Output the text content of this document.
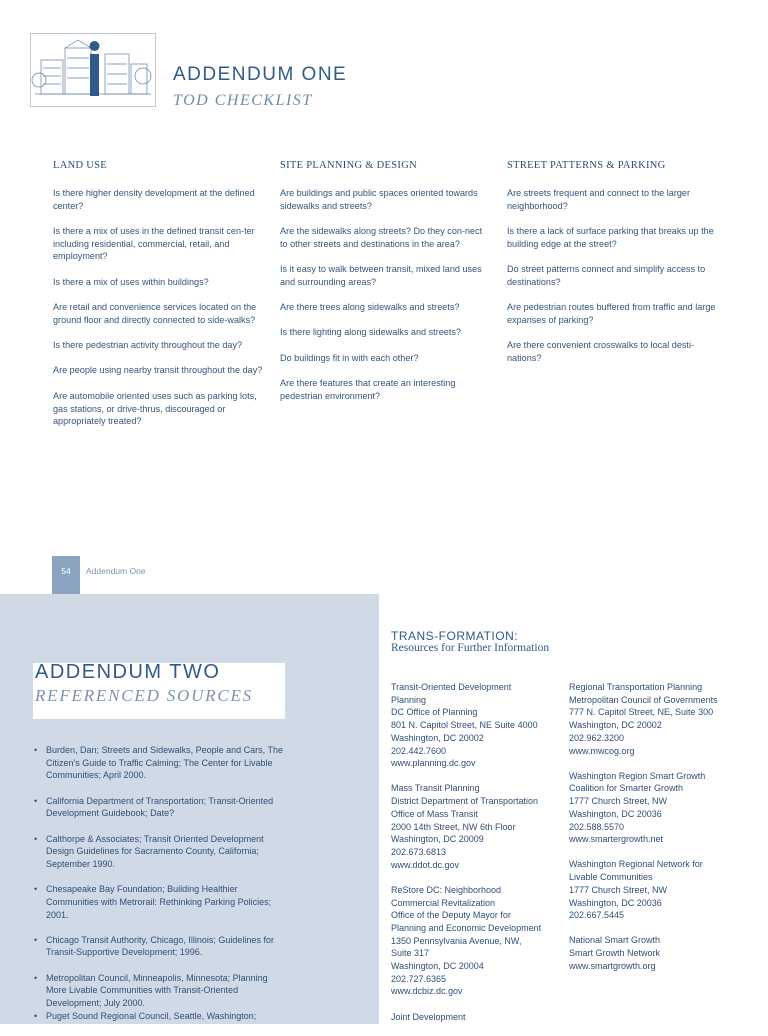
ADDENDUM ONE
TOD CHECKLIST
LAND USE
Is there higher density development at the defined center?
Is there a mix of uses in the defined transit cen-ter including residential, commercial, retail, and employment?
Is there a mix of uses within buildings?
Are retail and convenience services located on the ground floor and directly connected to side-walks?
Is there pedestrian activity throughout the day?
Are people using nearby transit throughout the day?
Are automobile oriented uses such as parking lots, gas stations, or drive-thrus, discouraged or appropriately treated?
SITE PLANNING & DESIGN
Are buildings and public spaces oriented towards sidewalks and streets?
Are the sidewalks along streets? Do they con-nect to other streets and destinations in the area?
Is it easy to walk between transit, mixed land uses and surrounding areas?
Are there trees along sidewalks and streets?
Is there lighting along sidewalks and streets?
Do buildings fit in with each other?
Are there features that create an interesting pedestrian environment?
STREET PATTERNS & PARKING
Are streets frequent and connect to the larger neighborhood?
Is there a lack of surface parking that breaks up the building edge at the street?
Do street patterns connect and simplify access to destinations?
Are pedestrian routes buffered from traffic and large expanses of parking?
Are there convenient crosswalks to local desti-nations?
54	Addendum One
ADDENDUM TWO
REFERENCED SOURCES
• Burden, Dan; Streets and Sidewalks, People and Cars, The Citizen's Guide to Traffic Calming; The Center for Livable Communities; April 2000.
• California Department of Transportation; Transit-Oriented Development Guidebook; Date?
• Calthorpe & Associates; Transit Oriented Development Design Guidelines for Sacramento County, California; September 1990.
• Chesapeake Bay Foundation; Building Healthier Communities with Metrorail: Rethinking Parking Policies; 2001.
• Chicago Transit Authority, Chicago, Illinois; Guidelines for Transit-Supportive Development; 1996.
• Metropolitan Council, Minneapolis, Minnesota; Planning More Livable Communities with Transit-Oriented Development; July 2000.
• Puget Sound Regional Council, Seattle, Washington;
TRANS-FORMATION:
Resources for Further Information
Transit-Oriented Development
Planning
DC Office of Planning
801 N. Capitol Street, NE Suite 4000
Washington, DC 20002
202.442.7600
www.planning.dc.gov
Mass Transit Planning
District Department of Transportation
Office of Mass Transit
2000 14th Street, NW 6th Floor
Washington, DC 20009
202.673.6813
www.ddot.dc.gov
ReStore DC: Neighborhood
Commercial Revitalization
Office of the Deputy Mayor for
Planning and Economic Development
1350 Pennsylvania Avenue, NW,
Suite 317
Washington, DC 20004
202.727.6365
www.dcbiz.dc.gov
Joint Development
Regional Transportation Planning
Metropolitan Council of Governments
777 N. Capitol Street, NE, Suite 300
Washington, DC 20002
202.962.3200
www.mwcog.org
Washington Region Smart Growth
Coalition for Smarter Growth
1777 Church Street, NW
Washington, DC 20036
202.588.5570
www.smartergrowth.net
Washington Regional Network for
Livable Communities
1777 Church Street, NW
Washington, DC 20036
202.667.5445
National Smart Growth
Smart Growth Network
www.smartgrowth.org
